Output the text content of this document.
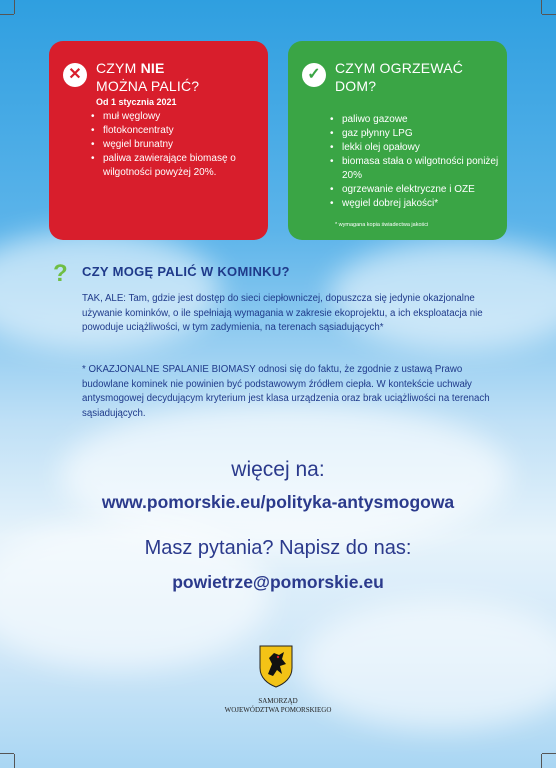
✕	CZYM NIE
MOŻNA PALIĆ?
Od 1 stycznia 2021
• muł węglowy
• flotokoncentraty
• węgiel brunatny
• paliwa zawierające biomasę o wilgotności powyżej 20%.
✓	CZYM OGRZEWAĆ
DOM?
• paliwo gazowe
• gaz płynny LPG
• lekki olej opałowy
• biomasa stała o wilgotności poniżej 20%
• ogrzewanie elektryczne i OZE
• węgiel dobrej jakości*
* wymagana kopia świadectwa jakości
? CZY MOGĘ PALIĆ W KOMINKU?
TAK, ALE: Tam, gdzie jest dostęp do sieci ciepłowniczej, dopuszcza się jedynie okazjonalne używanie kominków, o ile spełniają wymagania w zakresie ekoprojektu, a ich eksploatacja nie powoduje uciążliwości, w tym zadymienia, na terenach sąsiadujących*
* OKAZJONALNE SPALANIE BIOMASY odnosi się do faktu, że zgodnie z ustawą Prawo budowlane kominek nie powinien być podstawowym źródłem ciepła. W kontekście uchwały antysmogowej decydującym kryterium jest klasa urządzenia oraz brak uciążliwości na terenach sąsiadujących.
więcej na:
www.pomorskie.eu/polityka-antysmogowa
Masz pytania? Napisz do nas:
powietrze@pomorskie.eu
SAMORZĄD
WOJEWÓDZTWA POMORSKIEGO
